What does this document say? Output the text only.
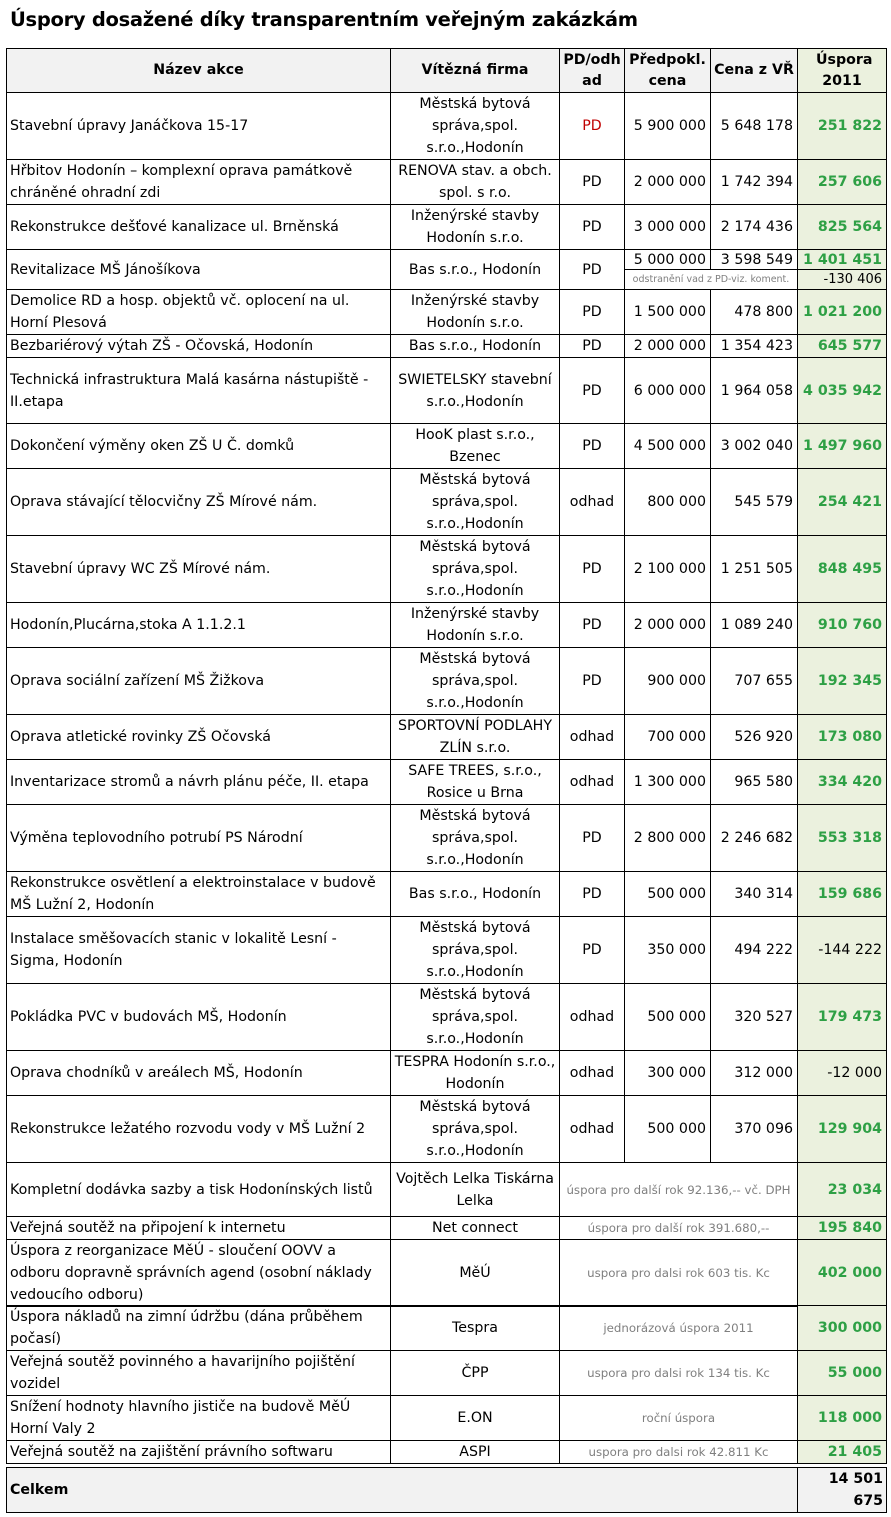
Úspory dosažené díky transparentním veřejným zakázkám
Název akce	Vítězná firma	PD/odhad	Předpokl. cena	Cena z VŘ	Úspora 2011
Stavební úpravy Janáčkova 15-17	Městská bytová správa,spol. s.r.o.,Hodonín	PD	5 900 000	5 648 178	251 822
Hřbitov Hodonín – komplexní oprava památkově chráněné ohradní zdi	RENOVA stav. a obch. spol. s r.o.	PD	2 000 000	1 742 394	257 606
Rekonstrukce dešťové kanalizace ul. Brněnská	Inženýrské stavby Hodonín s.r.o.	PD	3 000 000	2 174 436	825 564
Revitalizace MŠ Jánošíkova	Bas s.r.o., Hodonín	PD	5 000 000	3 598 549	1 401 451
			odstranění vad z PD-viz. koment.		-130 406
Demolice RD a hosp. objektů vč. oplocení na ul. Horní Plesová	Inženýrské stavby Hodonín s.r.o.	PD	1 500 000	478 800	1 021 200
Bezbariérový výtah ZŠ - Očovská, Hodonín	Bas s.r.o., Hodonín	PD	2 000 000	1 354 423	645 577
Technická infrastruktura Malá kasárna nástupiště - II.etapa	SWIETELSKY stavební s.r.o.,Hodonín	PD	6 000 000	1 964 058	4 035 942
Dokončení výměny oken ZŠ U Č. domků	HooK plast s.r.o., Bzenec	PD	4 500 000	3 002 040	1 497 960
Oprava stávající tělocvičny ZŠ Mírové nám.	Městská bytová správa,spol. s.r.o.,Hodonín	odhad	800 000	545 579	254 421
Stavební úpravy WC ZŠ Mírové nám.	Městská bytová správa,spol. s.r.o.,Hodonín	PD	2 100 000	1 251 505	848 495
Hodonín,Plucárna,stoka A 1.1.2.1	Inženýrské stavby Hodonín s.r.o.	PD	2 000 000	1 089 240	910 760
Oprava sociální zařízení MŠ Žižkova	Městská bytová správa,spol. s.r.o.,Hodonín	PD	900 000	707 655	192 345
Oprava atletické rovinky ZŠ Očovská	SPORTOVNÍ PODLAHY ZLÍN s.r.o.	odhad	700 000	526 920	173 080
Inventarizace stromů a návrh plánu péče, II. etapa	SAFE TREES, s.r.o., Rosice u Brna	odhad	1 300 000	965 580	334 420
Výměna teplovodního potrubí PS Národní	Městská bytová správa,spol. s.r.o.,Hodonín	PD	2 800 000	2 246 682	553 318
Rekonstrukce osvětlení a elektroinstalace v budově MŠ Lužní 2, Hodonín	Bas s.r.o., Hodonín	PD	500 000	340 314	159 686
Instalace směšovacích stanic v lokalitě Lesní - Sigma, Hodonín	Městská bytová správa,spol. s.r.o.,Hodonín	PD	350 000	494 222	-144 222
Pokládka PVC v budovách MŠ, Hodonín	Městská bytová správa,spol. s.r.o.,Hodonín	odhad	500 000	320 527	179 473
Oprava chodníků v areálech MŠ, Hodonín	TESPRA Hodonín s.r.o., Hodonín	odhad	300 000	312 000	-12 000
Rekonstrukce ležatého rozvodu vody v MŠ Lužní 2	Městská bytová správa,spol. s.r.o.,Hodonín	odhad	500 000	370 096	129 904
Kompletní dodávka sazby a tisk Hodonínských listů	Vojtěch Lelka Tiskárna Lelka	úspora pro další rok 92.136,-- vč. DPH			23 034
Veřejná soutěž na připojení k internetu	Net connect	úspora pro další rok 391.680,--			195 840
Úspora z reorganizace MěÚ - sloučení OOVV a odboru dopravně správních agend (osobní náklady vedoucího odboru)	MěÚ	uspora pro dalsi rok 603 tis. Kc			402 000
Úspora nákladů na zimní údržbu (dána průběhem počasí)	Tespra	jednorázová úspora 2011	300 000
Veřejná soutěž povinného a havarijního pojištění vozidel	ČPP	uspora pro dalsi rok 134 tis. Kc	55 000
Snížení hodnoty hlavního jističe na budově MěÚ Horní Valy 2	E.ON	roční úspora	118 000
Veřejná soutěž na zajištění právního softwaru	ASPI	uspora pro dalsi rok 42.811 Kc	21 405
Celkem	14 501 675
